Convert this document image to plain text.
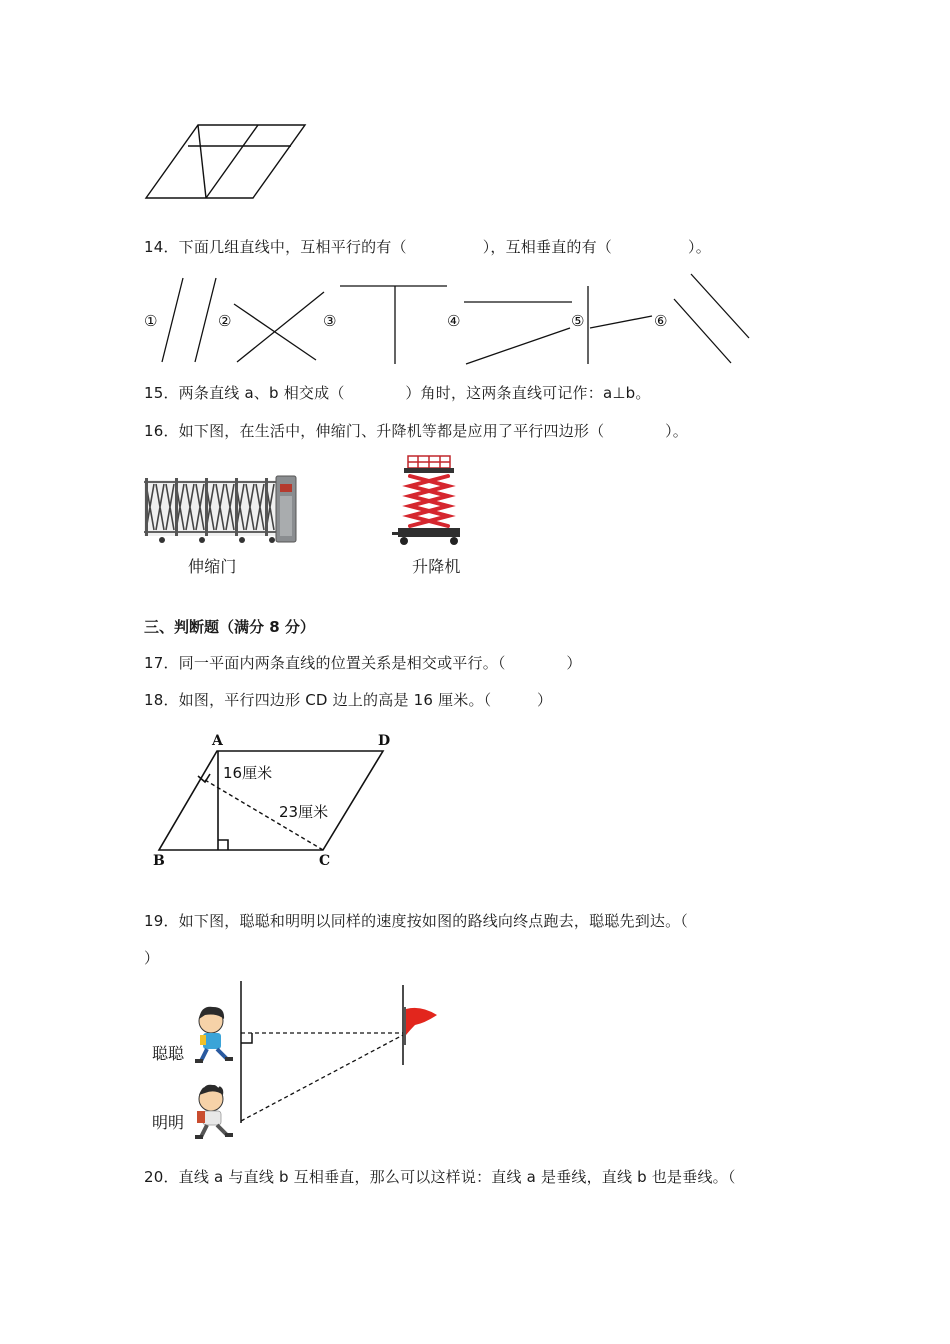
14．下面几组直线中，互相平行的有（　　　　　），互相垂直的有（　　　　　）。
①	②	③	④	⑤	⑥
15．两条直线 a、b 相交成（　　　　）角时，这两条直线可记作：a⊥b。
16．如下图，在生活中，伸缩门、升降机等都是应用了平行四边形（　　　　）。
伸缩门	升降机
三、判断题（满分 8 分）
17．同一平面内两条直线的位置关系是相交或平行。（　　　　）
18．如图，平行四边形 CD 边上的高是 16 厘米。（　　　）
A	D
B	C
16厘米
23厘米
19．如下图，聪聪和明明以同样的速度按如图的路线向终点跑去，聪聪先到达。（
）
聪聪
明明
20．直线 a 与直线 b 互相垂直，那么可以这样说：直线 a 是垂线，直线 b 也是垂线。（
